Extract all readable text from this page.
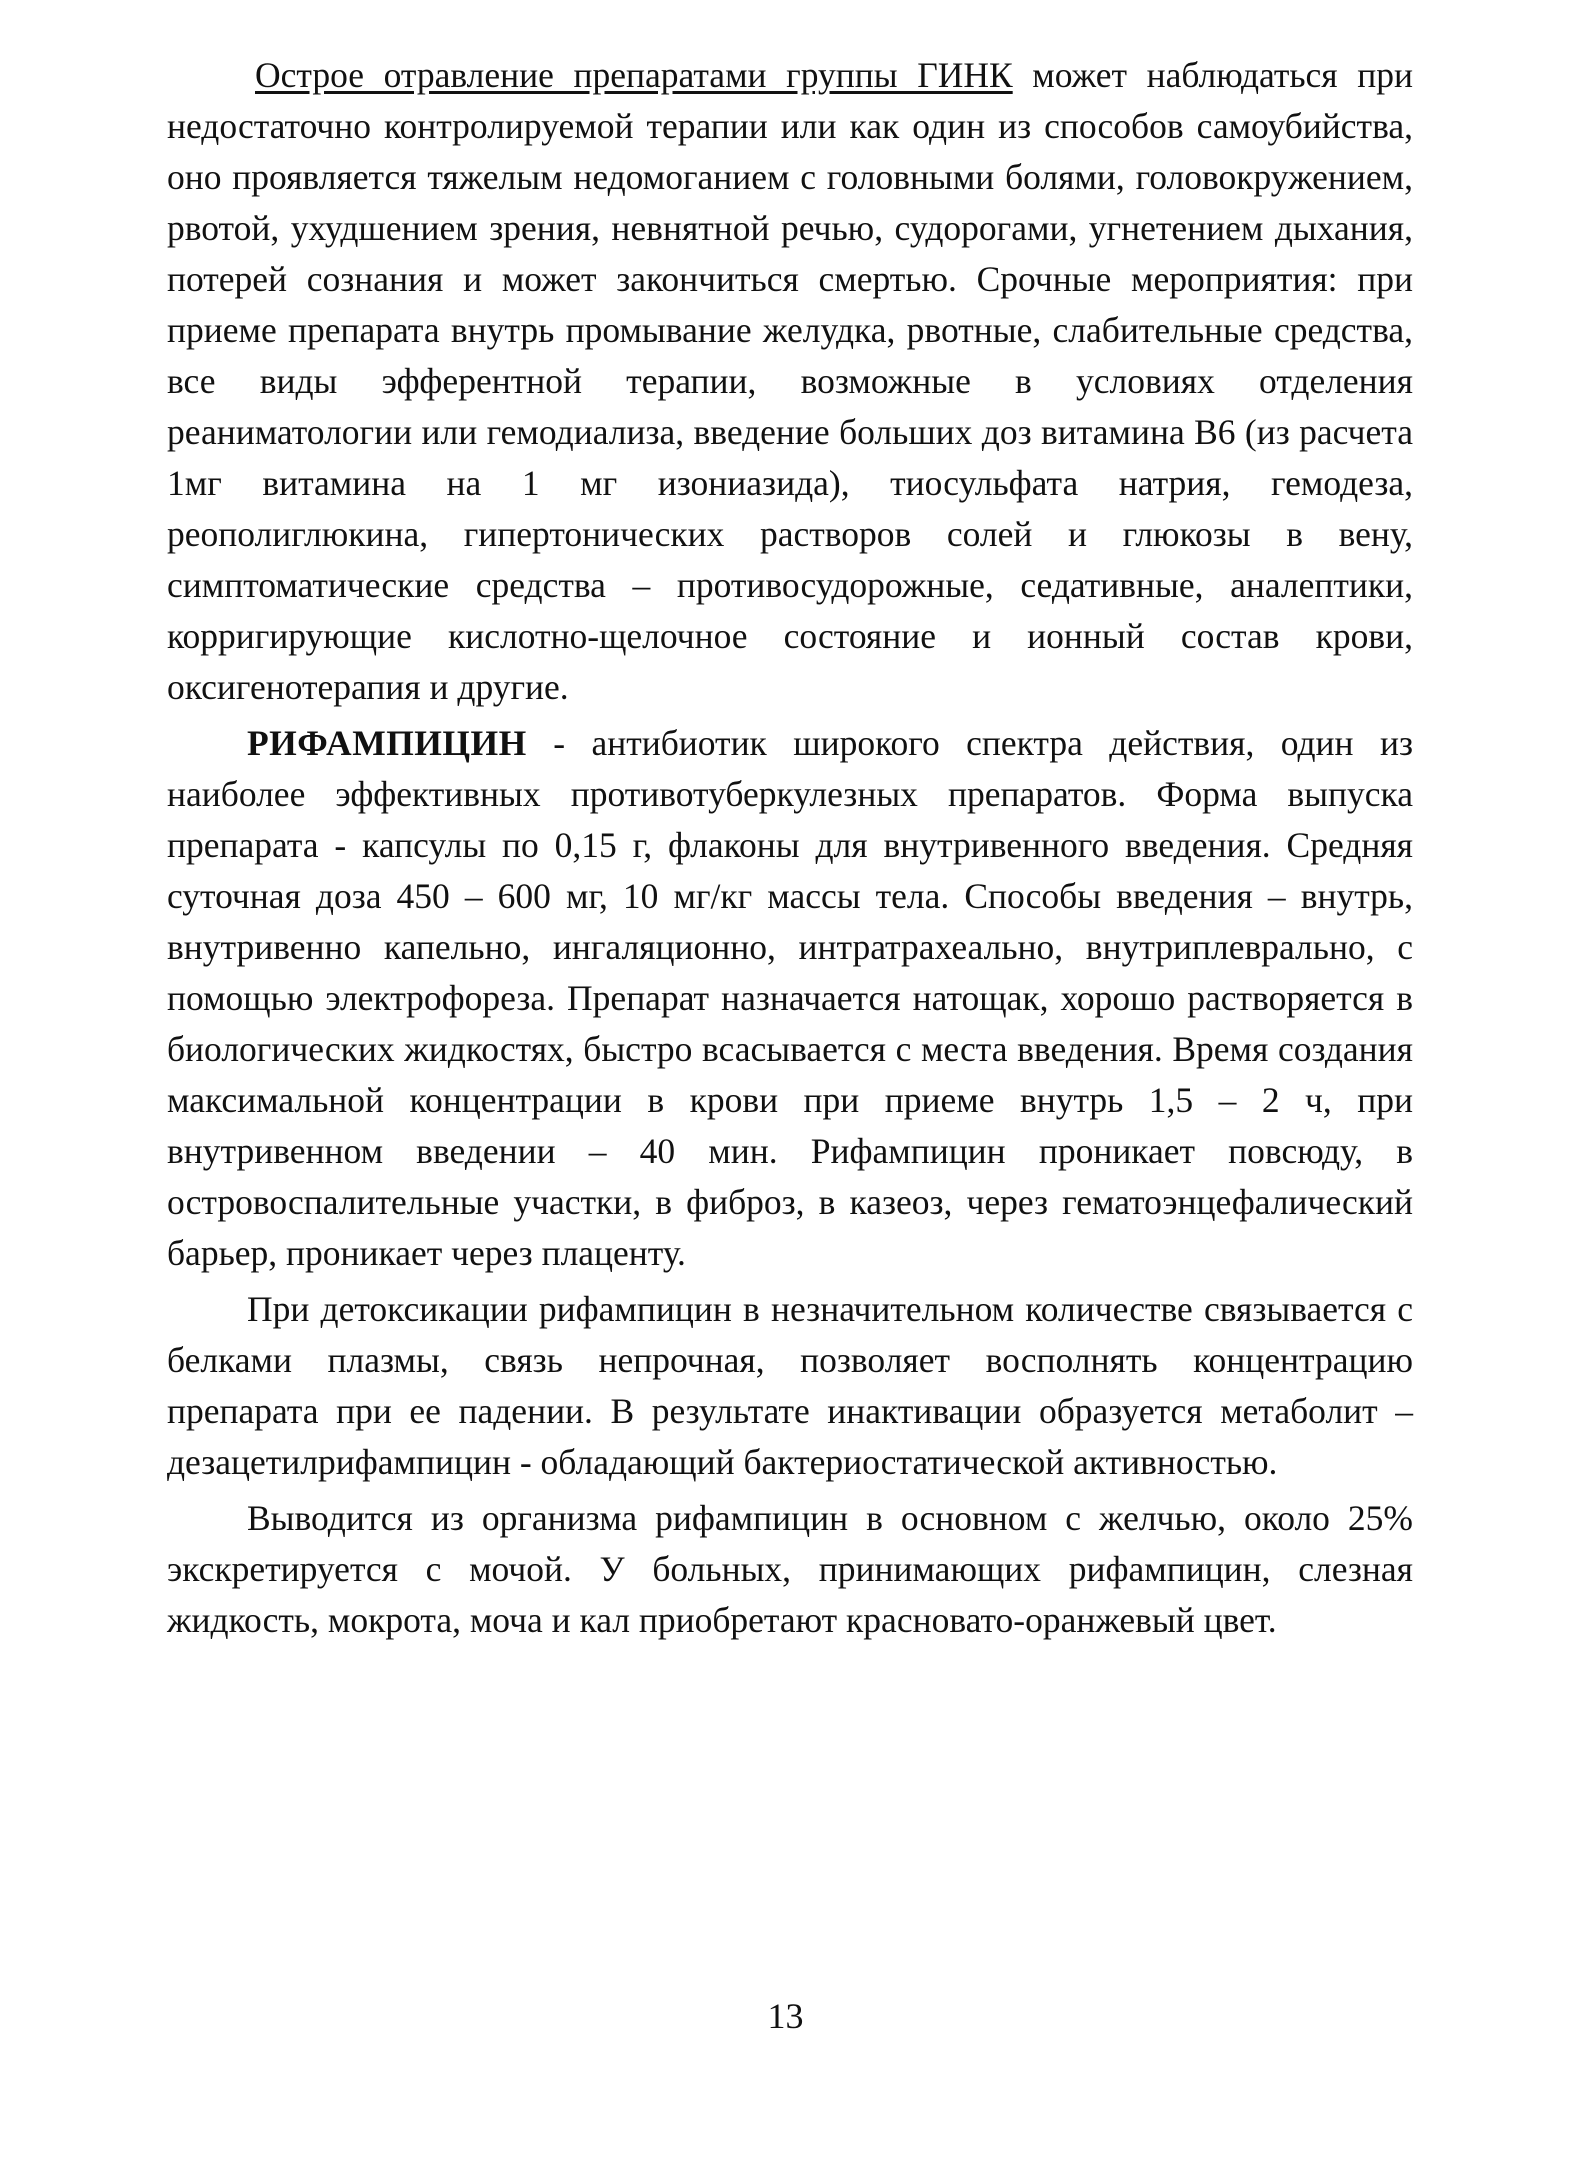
Острое отравление препаратами группы ГИНК может наблюдаться при недостаточно контролируемой терапии или как один из способов самоубийства, оно проявляется тяжелым недомоганием с головными болями, головокружением, рвотой, ухудшением зрения, невнятной речью, судорогами, угнетением дыхания, потерей сознания и может закончиться смертью. Срочные мероприятия: при приеме препарата внутрь промывание желудка, рвотные, слабительные средства, все виды эфферентной терапии, возможные в условиях отделения реаниматологии или гемодиализа, введение больших доз витамина В6 (из расчета 1мг витамина на 1 мг изониазида), тиосульфата натрия, гемодеза, реополиглюкина, гипертонических растворов солей и глюкозы в вену, симптоматические средства – противосудорожные, седативные, аналептики, корригирующие кислотно-щелочное состояние и ионный состав крови, оксигенотерапия и другие.

РИФАМПИЦИН - антибиотик широкого спектра действия, один из наиболее эффективных противотуберкулезных препаратов. Форма выпуска препарата - капсулы по 0,15 г, флаконы для внутривенного введения. Средняя суточная доза 450 – 600 мг, 10 мг/кг массы тела. Способы введения – внутрь, внутривенно капельно, ингаляционно, интратрахеально, внутриплеврально, с помощью электрофореза. Препарат назначается натощак, хорошо растворяется в биологических жидкостях, быстро всасывается с места введения. Время создания максимальной концентрации в крови при приеме внутрь 1,5 – 2 ч, при внутривенном введении – 40 мин. Рифампицин проникает повсюду, в островоспалительные участки, в фиброз, в казеоз, через гематоэнцефалический барьер, проникает через плаценту.

При детоксикации рифампицин в незначительном количестве связывается с белками плазмы, связь непрочная, позволяет восполнять концентрацию препарата при ее падении. В результате инактивации образуется метаболит – дезацетилрифампицин - обладающий бактериостатической активностью.

Выводится из организма рифампицин в основном с желчью, около 25% экскретируется с мочой. У больных, принимающих рифампицин, слезная жидкость, мокрота, моча и кал приобретают красновато-оранжевый цвет.

13
